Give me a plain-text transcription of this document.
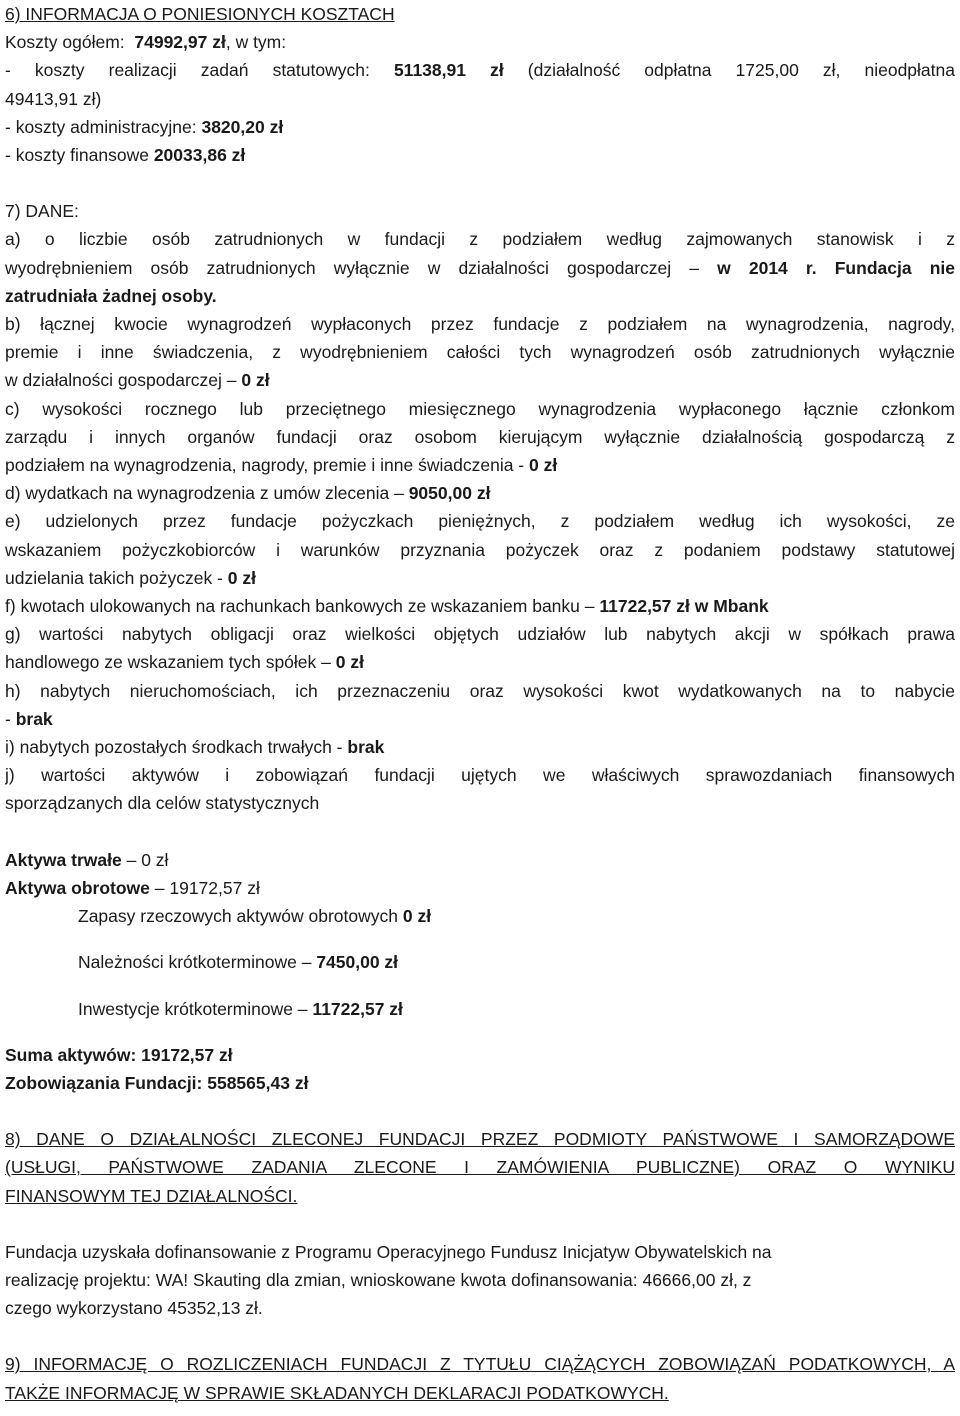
6) INFORMACJA O PONIESIONYCH KOSZTACH
Koszty ogółem: 74992,97 zł, w tym:
- koszty realizacji zadań statutowych: 51138,91 zł (działalność odpłatna 1725,00 zł, nieodpłatna
49413,91 zł)
- koszty administracyjne: 3820,20 zł
- koszty finansowe 20033,86 zł
7) DANE:
a) o liczbie osób zatrudnionych w fundacji z podziałem według zajmowanych stanowisk i z
wyodrębnieniem osób zatrudnionych wyłącznie w działalności gospodarczej – w 2014 r. Fundacja nie
zatrudniała żadnej osoby.
b) łącznej kwocie wynagrodzeń wypłaconych przez fundacje z podziałem na wynagrodzenia, nagrody,
premie i inne świadczenia, z wyodrębnieniem całości tych wynagrodzeń osób zatrudnionych wyłącznie
w działalności gospodarczej – 0 zł
c) wysokości rocznego lub przeciętnego miesięcznego wynagrodzenia wypłaconego łącznie członkom
zarządu i innych organów fundacji oraz osobom kierującym wyłącznie działalnością gospodarczą z
podziałem na wynagrodzenia, nagrody, premie i inne świadczenia - 0 zł
d) wydatkach na wynagrodzenia z umów zlecenia – 9050,00 zł
e) udzielonych przez fundacje pożyczkach pieniężnych, z podziałem według ich wysokości, ze
wskazaniem pożyczkobiorców i warunków przyznania pożyczek oraz z podaniem podstawy statutowej
udzielania takich pożyczek - 0 zł
f) kwotach ulokowanych na rachunkach bankowych ze wskazaniem banku – 11722,57 zł w Mbank
g) wartości nabytych obligacji oraz wielkości objętych udziałów lub nabytych akcji w spółkach prawa
handlowego ze wskazaniem tych spółek – 0 zł
h) nabytych nieruchomościach, ich przeznaczeniu oraz wysokości kwot wydatkowanych na to nabycie
- brak
i) nabytych pozostałych środkach trwałych - brak
j) wartości aktywów i zobowiązań fundacji ujętych we właściwych sprawozdaniach finansowych
sporządzanych dla celów statystycznych
Aktywa trwałe – 0 zł
Aktywa obrotowe – 19172,57 zł
Zapasy rzeczowych aktywów obrotowych 0 zł
Należności krótkoterminowe – 7450,00 zł
Inwestycje krótkoterminowe – 11722,57 zł
Suma aktywów: 19172,57 zł
Zobowiązania Fundacji: 558565,43 zł
8) DANE O DZIAŁALNOŚCI ZLECONEJ FUNDACJI PRZEZ PODMIOTY PAŃSTWOWE I SAMORZĄDOWE
(USŁUGI, PAŃSTWOWE ZADANIA ZLECONE I ZAMÓWIENIA PUBLICZNE) ORAZ O WYNIKU
FINANSOWYM TEJ DZIAŁALNOŚCI.
Fundacja uzyskała dofinansowanie z Programu Operacyjnego Fundusz Inicjatyw Obywatelskich na
realizację projektu: WA! Skauting dla zmian, wnioskowane kwota dofinansowania: 46666,00 zł, z
czego wykorzystano 45352,13 zł.
9) INFORMACJĘ O ROZLICZENIACH FUNDACJI Z TYTUŁU CIĄŻĄCYCH ZOBOWIĄZAŃ PODATKOWYCH, A
TAKŻE INFORMACJĘ W SPRAWIE SKŁADANYCH DEKLARACJI PODATKOWYCH.
